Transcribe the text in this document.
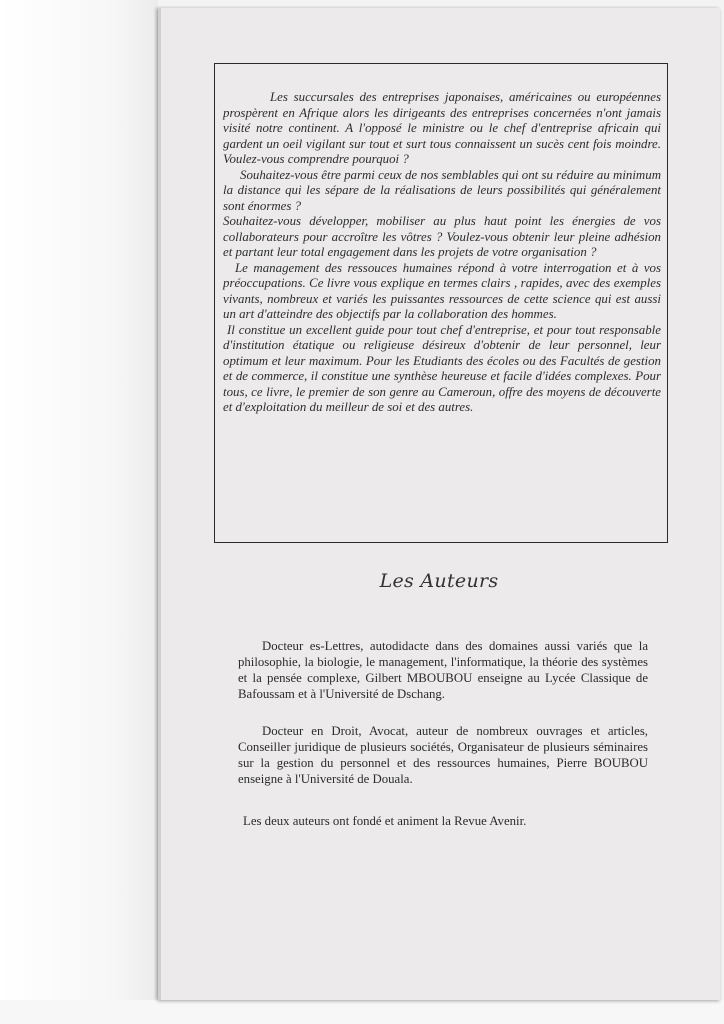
Les succursales des entreprises japonaises, américaines ou européennes prospèrent en Afrique alors les dirigeants des entreprises concernées n'ont jamais visité notre continent. A l'opposé le ministre ou le chef d'entreprise africain qui gardent un oeil vigilant sur tout et surt tous connaissent un sucès cent fois moindre. Voulez-vous comprendre pourquoi ?

Souhaitez-vous être parmi ceux de nos semblables qui ont su réduire au minimum la distance qui les sépare de la réalisations de leurs possibilités qui généralement sont énormes ?

Souhaitez-vous développer, mobiliser au plus haut point les énergies de vos collaborateurs pour accroître les vôtres ? Voulez-vous obtenir leur pleine adhésion et partant leur total engagement dans les projets de votre organisation ?

Le management des ressouces humaines répond à votre interrogation et à vos préoccupations. Ce livre vous explique en termes clairs , rapides, avec des exemples vivants, nombreux et variés les puissantes ressources de cette science qui est aussi un art d'atteindre des objectifs par la collaboration des hommes.

Il constitue un excellent guide pour tout chef d'entreprise, et pour tout responsable d'institution étatique ou religieuse désireux d'obtenir de leur personnel, leur optimum et leur maximum. Pour les Etudiants des écoles ou des Facultés de gestion et de commerce, il constitue une synthèse heureuse et facile d'idées complexes. Pour tous, ce livre, le premier de son genre au Cameroun, offre des moyens de découverte et d'exploitation du meilleur de soi et des autres.

Les Auteurs
Docteur es-Lettres, autodidacte dans des domaines aussi variés que la philosophie, la biologie, le management, l'informatique, la théorie des systèmes et la pensée complexe, Gilbert MBOUBOU enseigne au Lycée Classique de Bafoussam et à l'Université de Dschang.
Docteur en Droit, Avocat, auteur de nombreux ouvrages et articles, Conseiller juridique de plusieurs sociétés, Organisateur de plusieurs séminaires sur la gestion du personnel et des ressources humaines, Pierre BOUBOU enseigne à l'Université de Douala.
Les deux auteurs ont fondé et animent la Revue Avenir.
